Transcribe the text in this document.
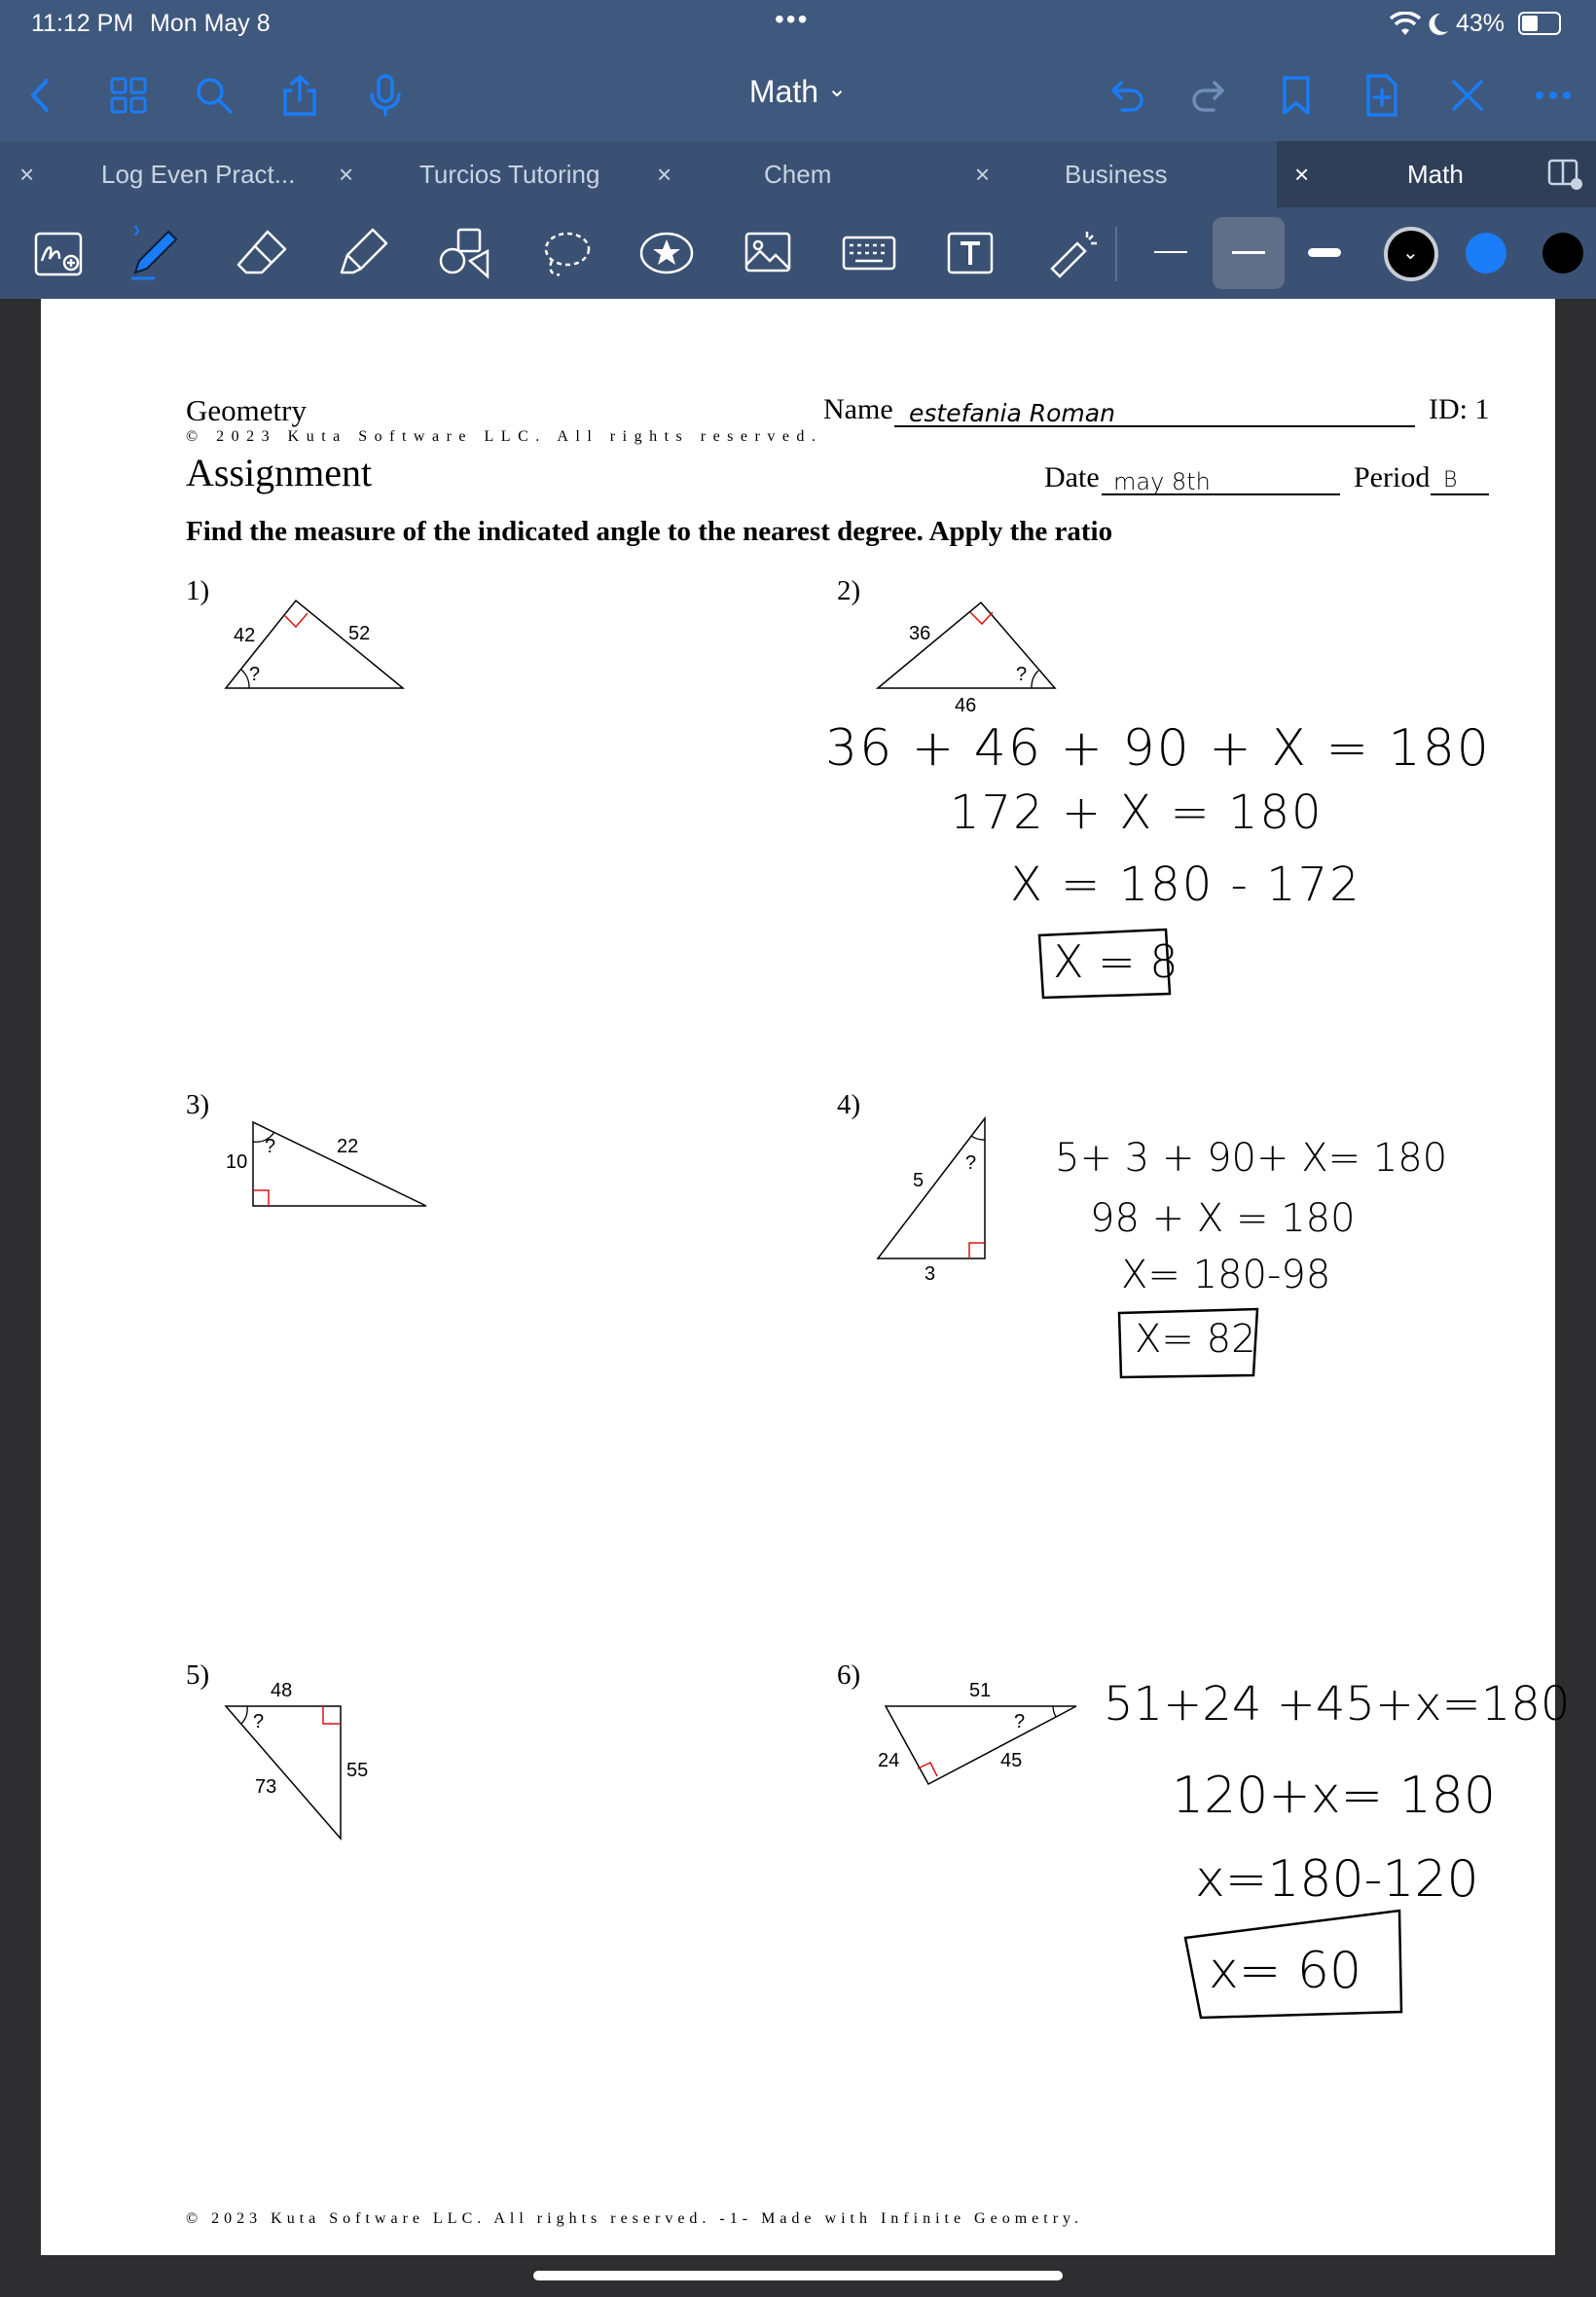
11:12 PM Mon May 8	•••	43%
Math ⌄
×	Log Even Pract...	×	Turcios Tutoring	×	Chem	×	Business	×	Math
⌄
Geometry
© 2023 Kuta Software LLC. All rights reserved.
Assignment
Name estefania Roman	ID: 1
Date may 8th	Period B
Find the measure of the indicated angle to the nearest degree. Apply the ratio
1)	2)
3)	4)
5)	6)
42	52
?
36
46
?
10
22
?
5
3
?
48
73
55
?
51
24	45
?
36 + 46 + 90 + X = 180
172 + X = 180
X = 180 - 172
X = 8
5+ 3 + 90+ X= 180
98 + X = 180
X= 180-98
X= 82
51+24 +45+x=180
120+x= 180
x=180-120
x= 60
© 2023 Kuta Software LLC. All rights reserved. -1- Made with Infinite Geometry.
